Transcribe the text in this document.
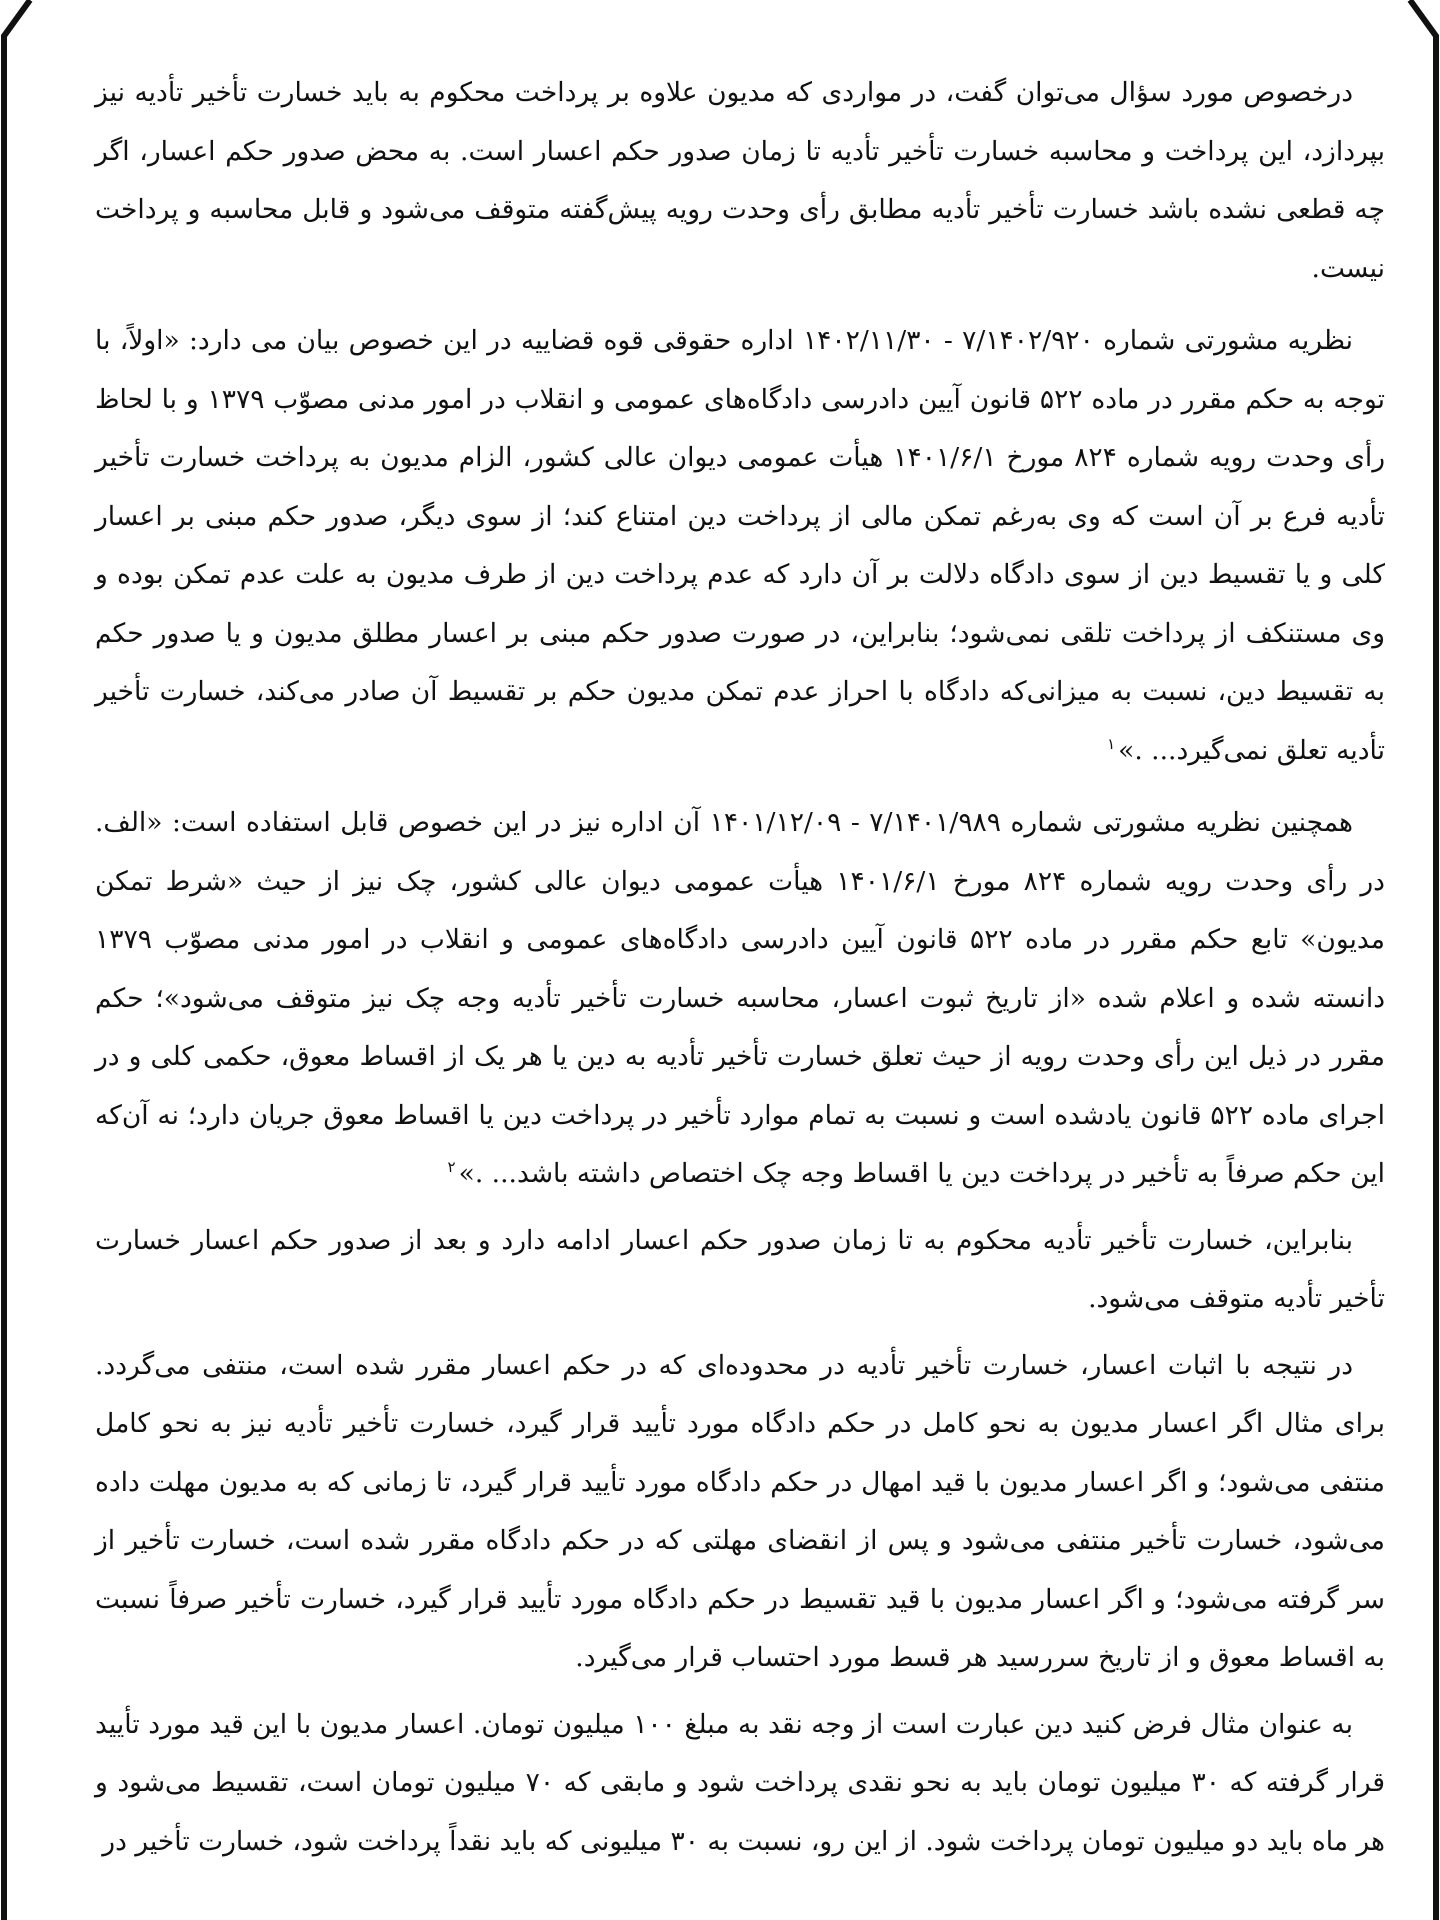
درخصوص مورد سؤال می‌توان گفت، در مواردی که مدیون علاوه بر پرداخت محکوم به باید خسارت تأخیر تأدیه نیز بپردازد، این پرداخت و محاسبه خسارت تأخیر تأدیه تا زمان صدور حکم اعسار است. به محض صدور حکم اعسار، اگر چه قطعی نشده باشد خسارت تأخیر تأدیه مطابق رأی وحدت رویه پیش‌گفته متوقف می‌شود و قابل محاسبه و پرداخت نیست.

نظریه مشورتی شماره ۷/۱۴۰۲/۹۲۰ - ۱۴۰۲/۱۱/۳۰ اداره حقوقی قوه قضاییه در این خصوص بیان می دارد: «اولاً، با توجه به حکم مقرر در ماده ۵۲۲ قانون آیین دادرسی دادگاه‌های عمومی و انقلاب در امور مدنی مصوّب ۱۳۷۹ و با لحاظ رأی وحدت رویه شماره ۸۲۴ مورخ ۱۴۰۱/۶/۱ هیأت عمومی دیوان عالی کشور، الزام مدیون به پرداخت خسارت تأخیر تأدیه فرع بر آن است که وی به‌رغم تمکن مالی از پرداخت دین امتناع کند؛ از سوی دیگر، صدور حکم مبنی بر اعسار کلی و یا تقسیط دین از سوی دادگاه دلالت بر آن دارد که عدم پرداخت دین از طرف مدیون به علت عدم تمکن بوده و وی مستنکف از پرداخت تلقی نمی‌شود؛ بنابراین، در صورت صدور حکم مبنی بر اعسار مطلق مدیون و یا صدور حکم به تقسیط دین، نسبت به میزانی‌که دادگاه با احراز عدم تمکن مدیون حکم بر تقسیط آن صادر می‌کند، خسارت تأخیر تأدیه تعلق نمی‌گیرد... .»$^۱$

همچنین نظریه مشورتی شماره ۷/۱۴۰۱/۹۸۹ - ۱۴۰۱/۱۲/۰۹ آن اداره نیز در این خصوص قابل استفاده است: «الف. در رأی وحدت رویه شماره ۸۲۴ مورخ ۱۴۰۱/۶/۱ هیأت عمومی دیوان عالی کشور، چک نیز از حیث «شرط تمکن مدیون» تابع حکم مقرر در ماده ۵۲۲ قانون آیین دادرسی دادگاه‌های عمومی و انقلاب در امور مدنی مصوّب ۱۳۷۹ دانسته شده و اعلام شده «از تاریخ ثبوت اعسار، محاسبه خسارت تأخیر تأدیه وجه چک نیز متوقف می‌شود»؛ حکم مقرر در ذیل این رأی وحدت رویه از حیث تعلق خسارت تأخیر تأدیه به دین یا هر یک از اقساط معوق، حکمی کلی و در اجرای ماده ۵۲۲ قانون یادشده است و نسبت به تمام موارد تأخیر در پرداخت دین یا اقساط معوق جریان دارد؛ نه آن‌که این حکم صرفاً به تأخیر در پرداخت دین یا اقساط وجه چک اختصاص داشته باشد... .»$^۲$

بنابراین، خسارت تأخیر تأدیه محکوم به تا زمان صدور حکم اعسار ادامه دارد و بعد از صدور حکم اعسار خسارت تأخیر تأدیه متوقف می‌شود.

در نتیجه با اثبات اعسار، خسارت تأخیر تأدیه در محدوده‌ای که در حکم اعسار مقرر شده است، منتفی می‌گردد. برای مثال اگر اعسار مدیون به نحو کامل در حکم دادگاه مورد تأیید قرار گیرد، خسارت تأخیر تأدیه نیز به نحو کامل منتفی می‌شود؛ و اگر اعسار مدیون با قید امهال در حکم دادگاه مورد تأیید قرار گیرد، تا زمانی که به مدیون مهلت داده می‌شود، خسارت تأخیر منتفی می‌شود و پس از انقضای مهلتی که در حکم دادگاه مقرر شده است، خسارت تأخیر از سر گرفته می‌شود؛ و اگر اعسار مدیون با قید تقسیط در حکم دادگاه مورد تأیید قرار گیرد، خسارت تأخیر صرفاً نسبت به اقساط معوق و از تاریخ سررسید هر قسط مورد احتساب قرار می‌گیرد.

به عنوان مثال فرض کنید دین عبارت است از وجه نقد به مبلغ ۱۰۰ میلیون تومان. اعسار مدیون با این قید مورد تأیید قرار گرفته که ۳۰ میلیون تومان باید به نحو نقدی پرداخت شود و مابقی که ۷۰ میلیون تومان است، تقسیط می‌شود و هر ماه باید دو میلیون تومان پرداخت شود. از این رو، نسبت به ۳۰ میلیونی که باید نقداً پرداخت شود، خسارت تأخیر در
